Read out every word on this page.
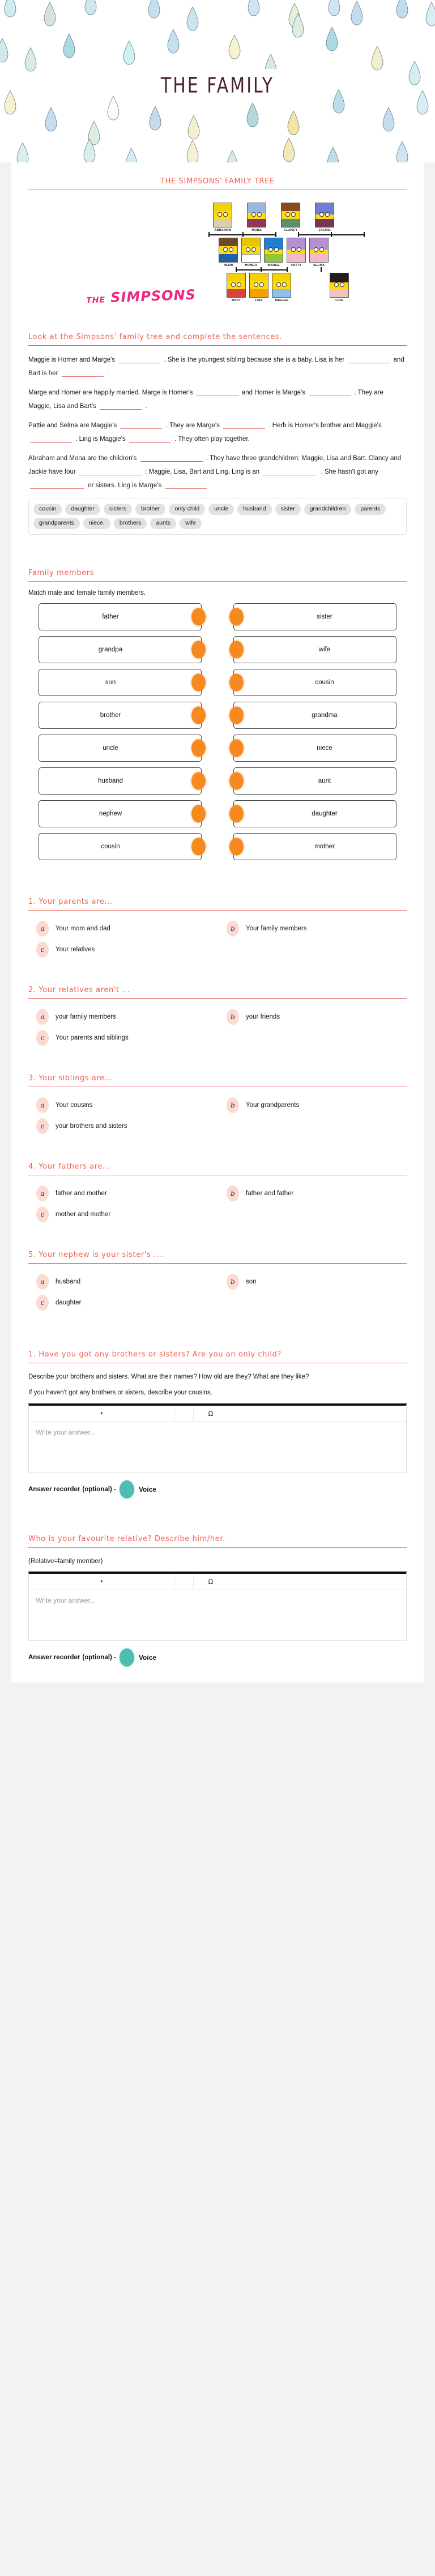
THE FAMILY
THE SIMPSONS' FAMILY TREE
THE SIMPSONS
ABRAHAM	MONA	CLANCY	JACKIE
HERB	HOMER	MARGE	PATTY	SELMA
BART	LISA	MAGGIE	LING
Look at the Simpsons' family tree and complete the sentences.

Maggie is Homer and Marge's	. She is the youngest sibling because she is a baby. Lisa is her	and Bart is her	.

Marge and Homer are happily married. Marge is Homer's	and Homer is Marge's	. They are Maggie, Lisa and Bart's	.

Pattie and Selma are Maggie's	. They are Marge's	. Herb is Homer's brother and Maggie's  . Ling is Maggie's	. They often play together.

Abraham and Mona are the children's	. They have three grandchildren: Maggie, Lisa and Bart. Clancy and Jackie have four	: Maggie, Lisa, Bart and Ling. Ling is an	. She hasn't got any  or sisters. Ling is Marge's

cousin	daughter	sisters	brother	only child	uncle	husband	sister	grandchildren	parents
grandparents	niece.	brothers	aunts	wife
Family members
Match male and female family members.
father	sister
grandpa	wife
son	cousin
brother	grandma
uncle	niece
husband	aunt
nephew	daughter
cousin	mother
1. Your parents are...
a	Your mom and dad	b	Your family members
c	Your relatives
2. Your relatives aren't ...
a	your family members	b	your friends
c	Your parents and siblings
3. Your siblings are...
a	Your cousins	b	Your grandparents
c	your brothers and sisters
4. Your fathers are...
a	father and mother	b	father and father
c	mother and mother
5. Your nephew is your sister's ....
a	husband	b	son
c	daughter
1. Have you got any brothers or sisters? Are you an only child?

Describe your brothers and sisters. What are their names? How old are they? What are they like?

If you haven't got any brothers or sisters, describe your cousins.

▾	Ω
Write your answer...
Answer recorder (optional) -	Voice
Who is your favourite relative? Describe him/her.

(Relative=family member)

▾	Ω
Write your answer...
Answer recorder (optional) -	Voice
